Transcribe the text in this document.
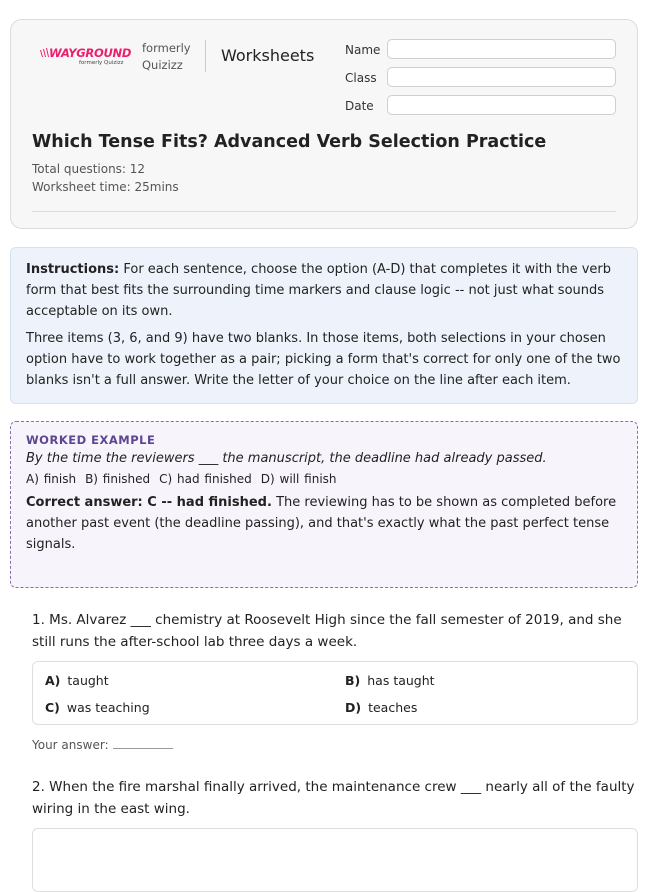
WAYGROUND
formerly Quizizz
formerly
Quizizz	Worksheets	Name
Class
Date
Which Tense Fits? Advanced Verb Selection Practice
Total questions: 12
Worksheet time: 25mins

Instructions: For each sentence, choose the option (A-D) that completes it with the verb form that best fits the surrounding time markers and clause logic -- not just what sounds acceptable on its own.

Three items (3, 6, and 9) have two blanks. In those items, both selections in your chosen option have to work together as a pair; picking a form that's correct for only one of the two blanks isn't a full answer. Write the letter of your choice on the line after each item.

WORKED EXAMPLE
By the time the reviewers ___ the manuscript, the deadline had already passed.
A) finish B) finished C) had finished D) will finish
Correct answer: C -- had finished. The reviewing has to be shown as completed before another past event (the deadline passing), and that's exactly what the past perfect tense signals.
1. Ms. Alvarez ___ chemistry at Roosevelt High since the fall semester of 2019, and she still runs the after-school lab three days a week.
A) taught	B) has taught
C) was teaching	D) teaches
Your answer:
2. When the fire marshal finally arrived, the maintenance crew ___ nearly all of the faulty wiring in the east wing.
